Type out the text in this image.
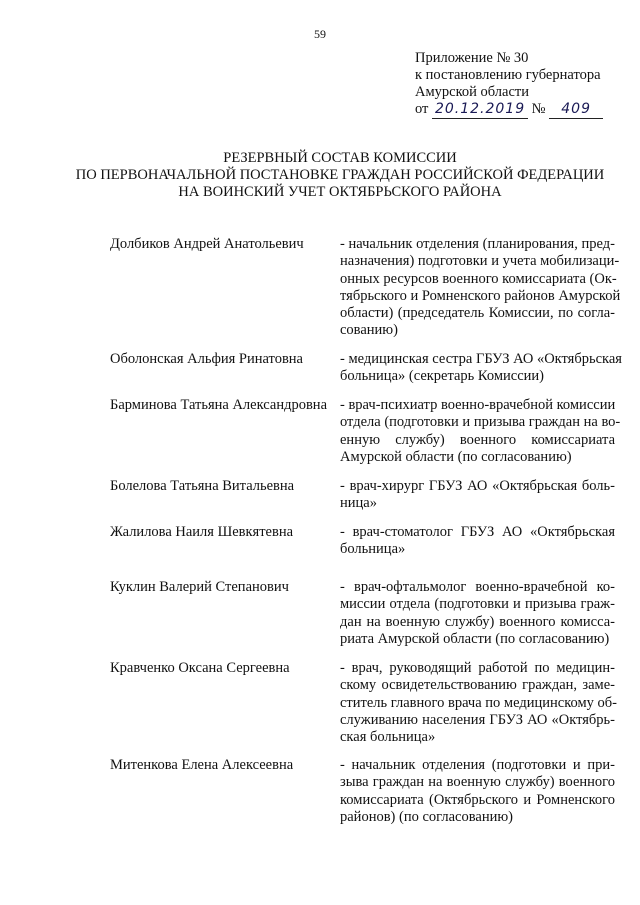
59
Приложение № 30
к постановлению губернатора
Амурской области
от 20.12.2019 № 409
РЕЗЕРВНЫЙ СОСТАВ КОМИССИИ
ПО ПЕРВОНАЧАЛЬНОЙ ПОСТАНОВКЕ ГРАЖДАН РОССИЙСКОЙ ФЕДЕРАЦИИ
НА ВОИНСКИЙ УЧЕТ ОКТЯБРЬСКОГО РАЙОНА
Долбиков Андрей Анатольевич	- начальник отделения (планирования, пред-
назначения) подготовки и учета мобилизаци-
онных ресурсов военного комиссариата (Ок-
тябрьского и Ромненского районов Амурской
области) (председатель Комиссии, по согла-
сованию)
Оболонская Альфия Ринатовна	- медицинская сестра ГБУЗ АО «Октябрьская
больница» (секретарь Комиссии)
Барминова Татьяна Александровна - врач-психиатр военно-врачебной комиссии
отдела (подготовки и призыва граждан на во-
енную службу) военного комиссариата
Амурской области (по согласованию)
Болелова Татьяна Витальевна	- врач-хирург ГБУЗ АО «Октябрьская боль-
ница»
Жалилова Наиля Шевкятевна	- врач-стоматолог ГБУЗ АО «Октябрьская
больница»
Куклин Валерий Степанович	- врач-офтальмолог военно-врачебной ко-
миссии отдела (подготовки и призыва граж-
дан на военную службу) военного комисса-
риата Амурской области (по согласованию)
Кравченко Оксана Сергеевна	- врач, руководящий работой по медицин-
скому освидетельствованию граждан, заме-
ститель главного врача по медицинскому об-
служиванию населения ГБУЗ АО «Октябрь-
ская больница»
Митенкова Елена Алексеевна	- начальник отделения (подготовки и при-
зыва граждан на военную службу) военного
комиссариата (Октябрьского и Ромненского
районов) (по согласованию)
